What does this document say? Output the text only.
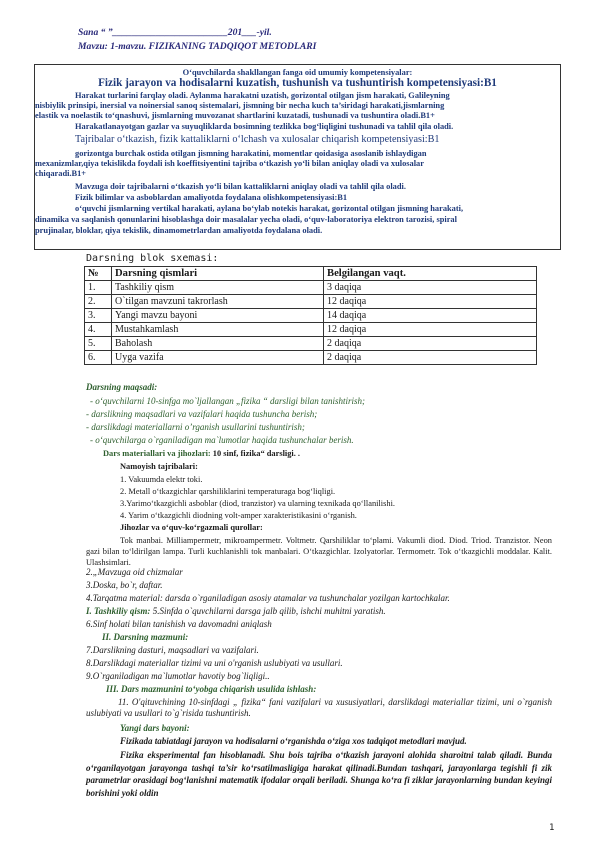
Sana “ ”________________________201___-yil.
Mavzu: 1-mavzu. FIZIKANING TADQIQOT METODLARI
O‘quvchilarda shakllangan fanga oid umumiy kompetensiyalar:
Fizik jarayon va hodisalarni kuzatish, tushunish va tushuntirish kompetensiyasi:B1
Harakat turlarini farqlay oladi. Aylanma harakatni uzatish, gorizontal otilgan jism harakati, Galileyning
nisbiylik prinsipi, inersial va noinersial sanoq sistemalari, jismning bir necha kuch ta’siridagi harakati,jismlarning
elastik va noelastik to‘qnashuvi, jismlarning muvozanat shartlarini kuzatadi, tushunadi va tushuntira oladi.B1+
Harakatlanayotgan gazlar va suyuqliklarda bosimning tezlikka bog‘liqligini tushunadi va tahlil qila oladi.
Tajribalar o‘tkazish, fizik kattaliklarni o‘lchash va xulosalar chiqarish kompetensiyasi:B1
gorizontga burchak ostida otilgan jismning harakatini, momentlar qoidasiga asoslanib ishlaydigan
mexanizmlar,qiya tekislikda foydali ish koeffitsiyentini tajriba o‘tkazish yo‘li bilan aniqlay oladi va xulosalar
chiqaradi.B1+
Mavzuga doir tajribalarni o‘tkazish yo‘li bilan kattaliklarni aniqlay oladi va tahlil qila oladi.
Fizik bilimlar va asboblardan amaliyotda foydalana olishkompetensiyasi:B1
o‘quvchi jismlarning vertikal harakati, aylana bo‘ylab notekis harakat, gorizontal otilgan jismning harakati,
dinamika va saqlanish qonunlarini hisoblashga doir masalalar yecha oladi, o‘quv-laboratoriya elektron tarozisi, spiral
prujinalar, bloklar, qiya tekislik, dinamometrlardan amaliyotda foydalana oladi.
Darsning blok sxemasi:
№	Darsning qismlari	Belgilangan vaqt.
1.	Tashkiliy qism	3 daqiqa
2.	O`tilgan mavzuni takrorlash	12 daqiqa
3.	Yangi mavzu bayoni	14 daqiqa
4.	Mustahkamlash	12 daqiqa
5.	Baholash	2 daqiqa
6.	Uyga vazifa	2 daqiqa
Darsning maqsadi:
- o‘quvchilarni 10-sinfga mo`ljallangan „fizika “ darsligi bilan tanishtirish;
- darslikning maqsadlari va vazifalari haqida tushuncha berish;
- darslikdagi materiallarni o’rganish usullarini tushuntirish;
- o‘quvchilarga o`rganiladigan ma`lumotlar haqida tushunchalar berish.
Dars materiallari va jihozlari: 10 sinf, fizika“ darsligi. .
Namoyish tajribalari:
1. Vakuumda elektr toki.
2. Metall o‘tkazgichlar qarshiliklarini temperaturaga bog‘liqligi.
3.Yarimo‘tkazgichli asboblar (diod, tranzistor) va ularning texnikada qo‘llanilishi.
4. Yarim o‘tkazgichli diodning volt-amper xarakteristikasini o‘rganish.
Jihozlar va o‘quv-ko‘rgazmali qurollar:
Tok manbai. Milliampermetr, mikroampermetr. Voltmetr. Qarshiliklar to‘plami. Vakumli diod. Diod. Triod. Tranzistor. Neon gazi bilan to‘ldirilgan lampa. Turli kuchlanishli tok manbalari. O‘tkazgichlar. Izolyatorlar. Termometr. Tok o‘tkazgichli moddalar. Kalit. Ulashsimlari.
2.„Mavzuga oid chizmalar
3.Doska, bo`r, daftar.
4.Tarqatma material: darsda o`rganiladigan asosiy atamalar va tushunchalar yozilgan kartochkalar.
I. Tashkiliy qism: 5.Sinfda o`quvchilarni darsga jalb qilib, ishchi muhitni yaratish.
6.Sinf holati bilan tanishish va davomadni aniqlash
II. Darsning mazmuni:
7.Darslikning dasturi, maqsadlari va vazifalari.
8.Darslikdagi materiallar tizimi va uni o'rganish uslubiyati va usullari.
9.O`rganiladigan ma`lumotlar havotiy bog`liqligi..
III. Dars mazmunini to‘yobga chiqarish usulida ishlash:
11. O'qituvchining 10-sinfdagi „ fizika“ fani vazifalari va xususiyatlari, darslikdagi materiallar tizimi, uni o`rganish uslubiyati va usullari to`g`risida tushuntirish.
Yangi dars bayoni:
Fizikada tabiatdagi jarayon va hodisalarni o‘rganishda o‘ziga xos tadqiqot metodlari mavjud.
Fizika eksperimental fan hisoblanadi. Shu bois tajriba o‘tkazish jarayoni alohida sharoitni talab qiladi. Bunda o‘rganilayotgan jarayonga tashqi ta’sir ko‘rsatilmasligiga harakat qilinadi.Bundan tashqari, jarayonlarga tegishli fi zik parametrlar orasidagi bog‘lanishni matematik ifodalar orqali beriladi. Shunga ko‘ra fi ziklar jarayonlarning bundan keyingi borishini yoki oldin
1
